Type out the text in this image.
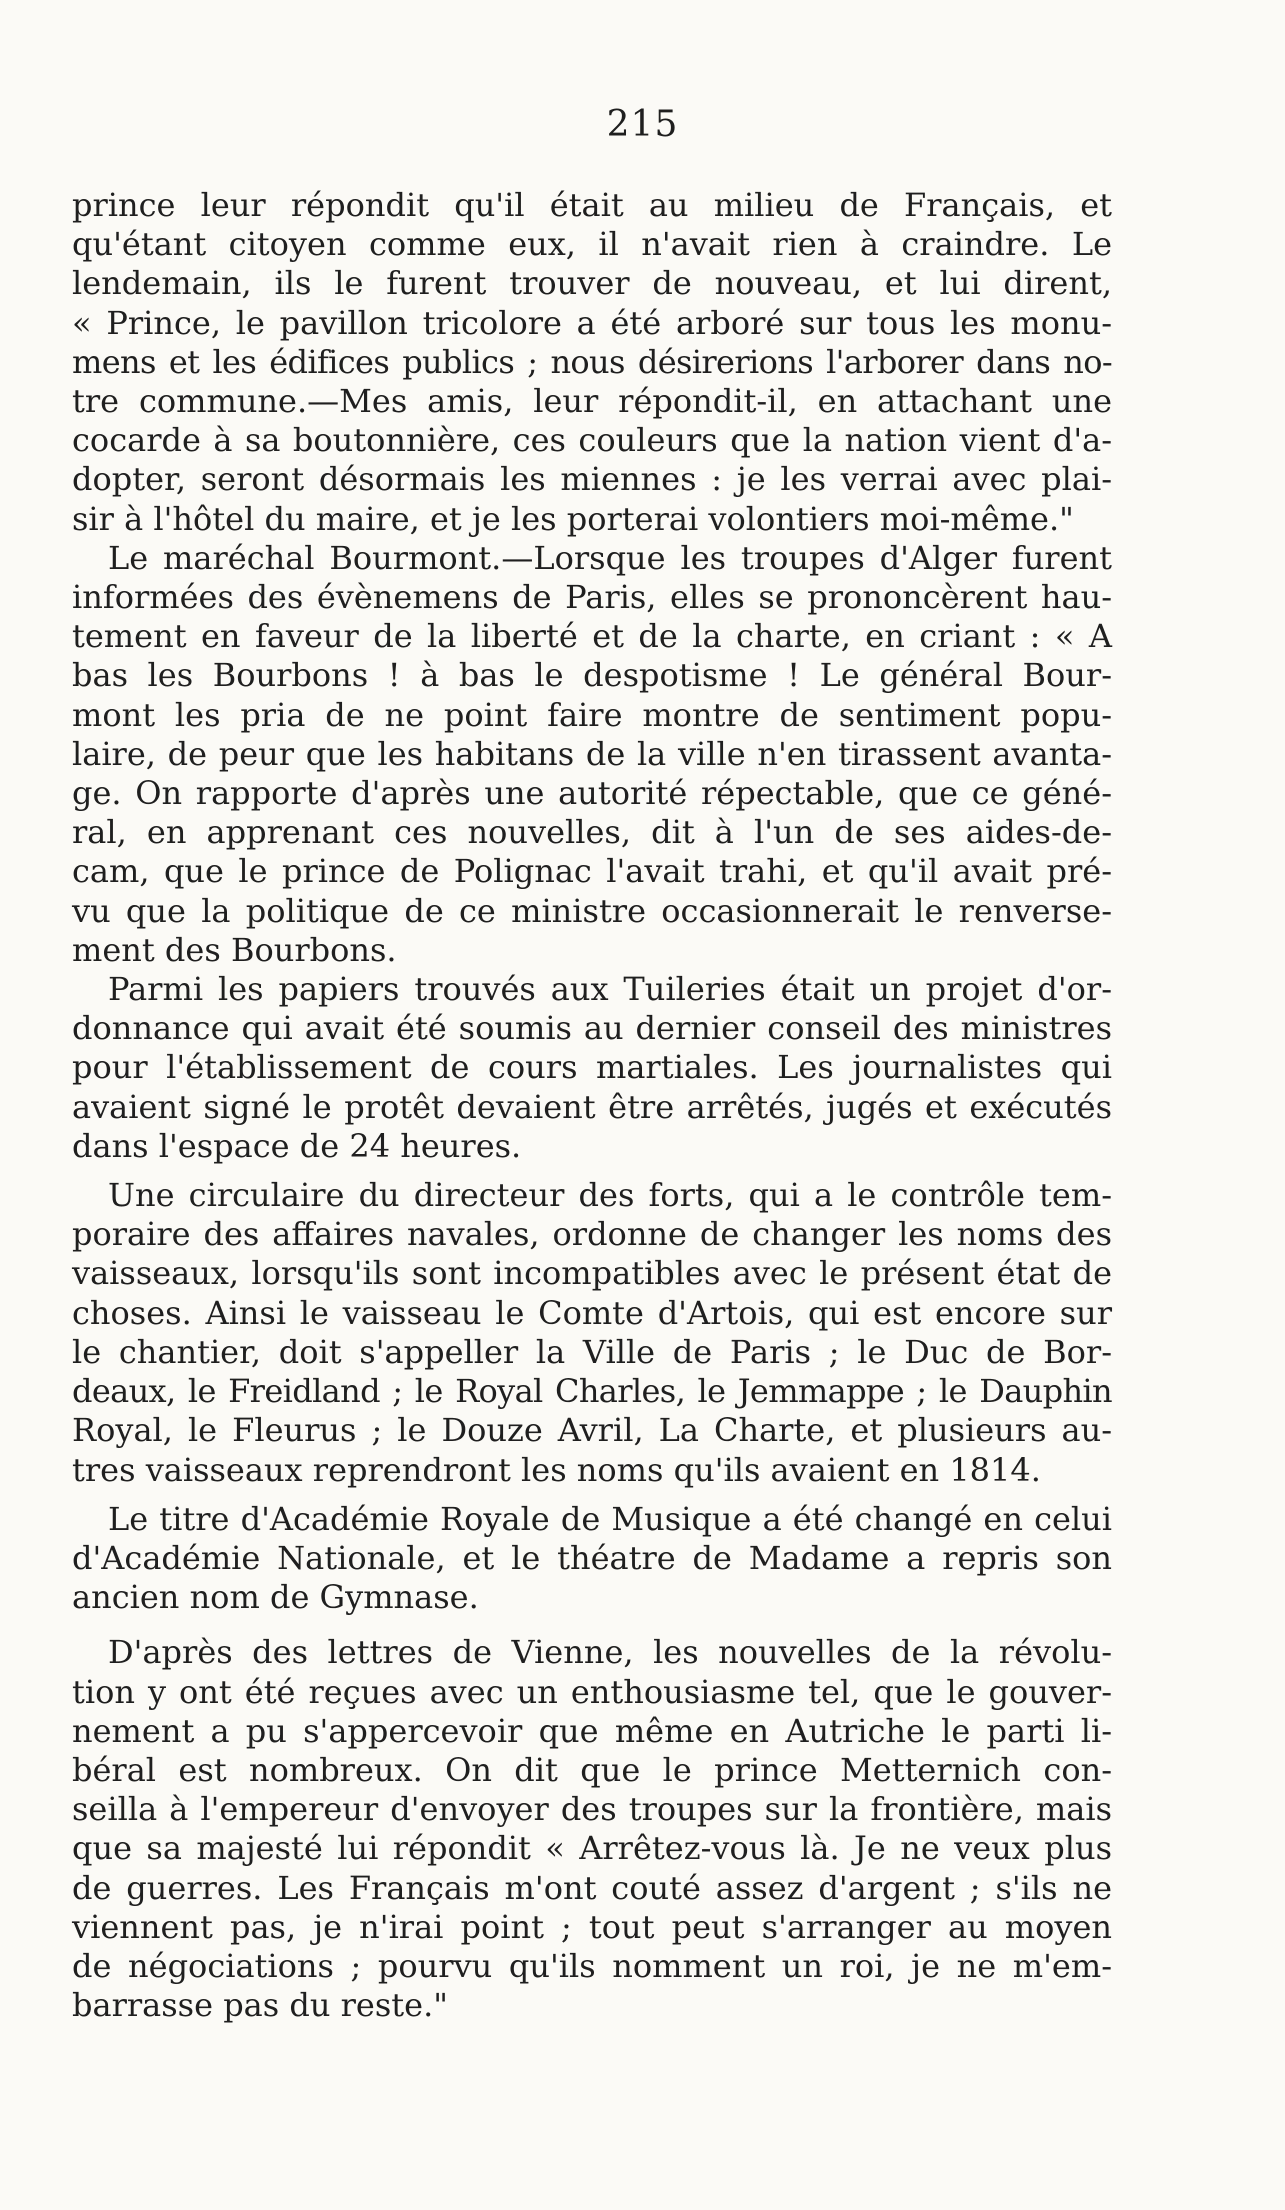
215
prince leur répondit qu'il était au milieu de Français, et
qu'étant citoyen comme eux, il n'avait rien à craindre. Le
lendemain, ils le furent trouver de nouveau, et lui dirent,
« Prince, le pavillon tricolore a été arboré sur tous les monu-
mens et les édifices publics ; nous désirerions l'arborer dans no-
tre commune.—Mes amis, leur répondit-il, en attachant une
cocarde à sa boutonnière, ces couleurs que la nation vient d'a-
dopter, seront désormais les miennes : je les verrai avec plai-
sir à l'hôtel du maire, et je les porterai volontiers moi-même."
Le maréchal Bourmont.—Lorsque les troupes d'Alger furent
informées des évènemens de Paris, elles se prononcèrent hau-
tement en faveur de la liberté et de la charte, en criant : « A
bas les Bourbons ! à bas le despotisme ! Le général Bour-
mont les pria de ne point faire montre de sentiment popu-
laire, de peur que les habitans de la ville n'en tirassent avanta-
ge. On rapporte d'après une autorité répectable, que ce géné-
ral, en apprenant ces nouvelles, dit à l'un de ses aides-de-
cam, que le prince de Polignac l'avait trahi, et qu'il avait pré-
vu que la politique de ce ministre occasionnerait le renverse-
ment des Bourbons.
Parmi les papiers trouvés aux Tuileries était un projet d'or-
donnance qui avait été soumis au dernier conseil des ministres
pour l'établissement de cours martiales. Les journalistes qui
avaient signé le protêt devaient être arrêtés, jugés et exécutés
dans l'espace de 24 heures.
Une circulaire du directeur des forts, qui a le contrôle tem-
poraire des affaires navales, ordonne de changer les noms des
vaisseaux, lorsqu'ils sont incompatibles avec le présent état de
choses. Ainsi le vaisseau le Comte d'Artois, qui est encore sur
le chantier, doit s'appeller la Ville de Paris ; le Duc de Bor-
deaux, le Freidland ; le Royal Charles, le Jemmappe ; le Dauphin
Royal, le Fleurus ; le Douze Avril, La Charte, et plusieurs au-
tres vaisseaux reprendront les noms qu'ils avaient en 1814.
Le titre d'Académie Royale de Musique a été changé en celui
d'Académie Nationale, et le théatre de Madame a repris son
ancien nom de Gymnase.
D'après des lettres de Vienne, les nouvelles de la révolu-
tion y ont été reçues avec un enthousiasme tel, que le gouver-
nement a pu s'appercevoir que même en Autriche le parti li-
béral est nombreux. On dit que le prince Metternich con-
seilla à l'empereur d'envoyer des troupes sur la frontière, mais
que sa majesté lui répondit « Arrêtez-vous là. Je ne veux plus
de guerres. Les Français m'ont couté assez d'argent ; s'ils ne
viennent pas, je n'irai point ; tout peut s'arranger au moyen
de négociations ; pourvu qu'ils nomment un roi, je ne m'em-
barrasse pas du reste."
